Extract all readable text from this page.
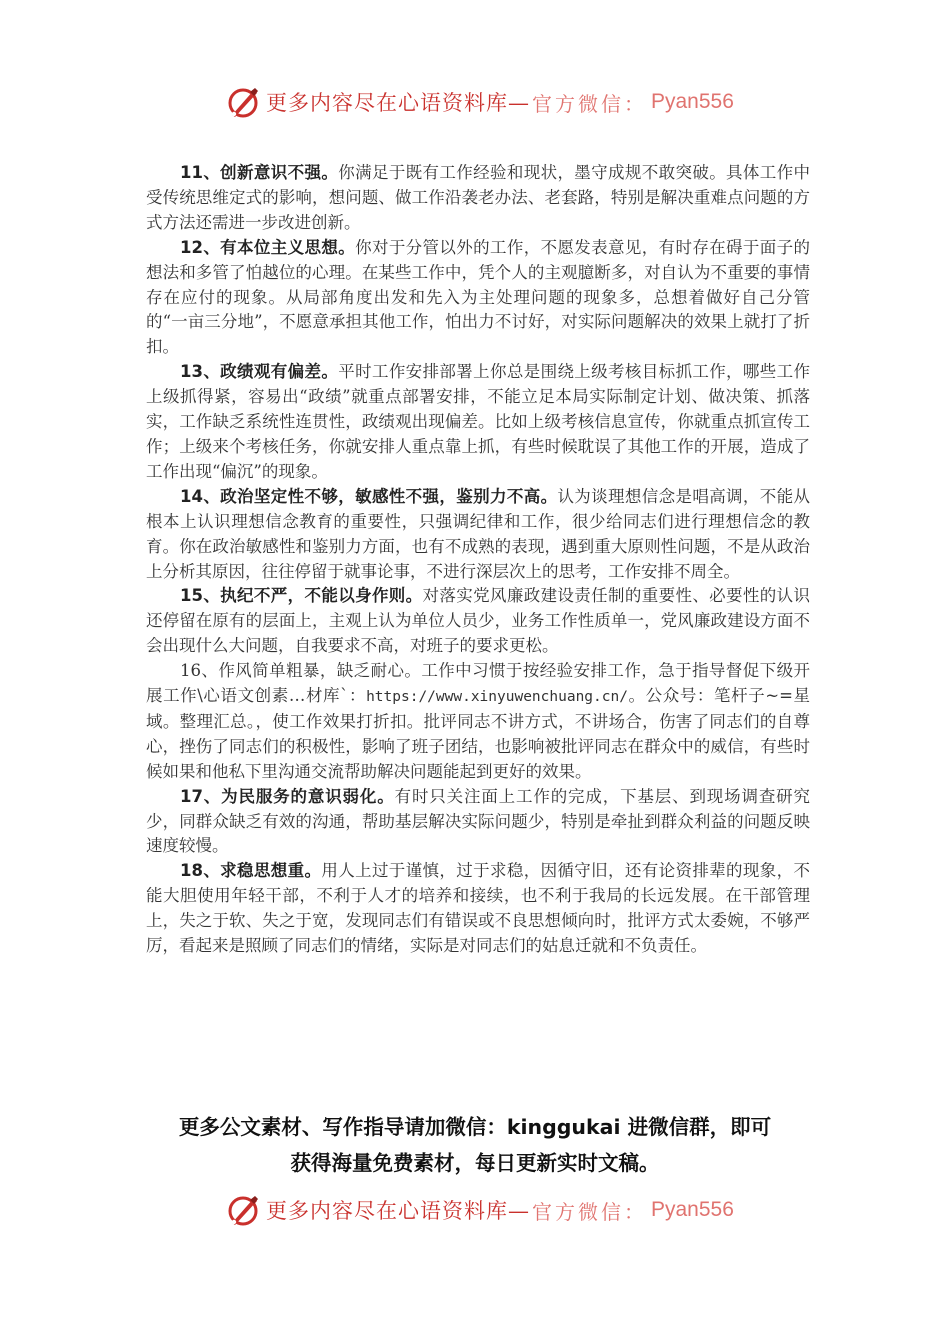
更多内容尽在心语资料库— 官方微信： Pyan556

11、创新意识不强。你满足于既有工作经验和现状，墨守成规不敢突破。具体工作中受传统思维定式的影响，想问题、做工作沿袭老办法、老套路，特别是解决重难点问题的方式方法还需进一步改进创新。

12、有本位主义思想。你对于分管以外的工作，不愿发表意见，有时存在碍于面子的想法和多管了怕越位的心理。在某些工作中，凭个人的主观臆断多，对自认为不重要的事情存在应付的现象。从局部角度出发和先入为主处理问题的现象多，总想着做好自己分管的“一亩三分地”，不愿意承担其他工作，怕出力不讨好，对实际问题解决的效果上就打了折扣。

13、政绩观有偏差。平时工作安排部署上你总是围绕上级考核目标抓工作，哪些工作上级抓得紧，容易出“政绩”就重点部署安排，不能立足本局实际制定计划、做决策、抓落实，工作缺乏系统性连贯性，政绩观出现偏差。比如上级考核信息宣传，你就重点抓宣传工作；上级来个考核任务，你就安排人重点靠上抓，有些时候耽误了其他工作的开展，造成了工作出现“偏沉”的现象。

14、政治坚定性不够，敏感性不强，鉴别力不高。认为谈理想信念是唱高调，不能从根本上认识理想信念教育的重要性，只强调纪律和工作，很少给同志们进行理想信念的教育。你在政治敏感性和鉴别力方面，也有不成熟的表现，遇到重大原则性问题，不是从政治上分析其原因，往往停留于就事论事，不进行深层次上的思考，工作安排不周全。

15、执纪不严，不能以身作则。对落实党风廉政建设责任制的重要性、必要性的认识还停留在原有的层面上，主观上认为单位人员少，业务工作性质单一，党风廉政建设方面不会出现什么大问题，自我要求不高，对班子的要求更松。

16、作风简单粗暴，缺乏耐心。工作中习惯于按经验安排工作，急于指导督促下级开展工作\心语文创素…材库`：https://www.xinyuwenchuang.cn/。公众号：笔杆子~=星域。整理汇总。，使工作效果打折扣。批评同志不讲方式，不讲场合，伤害了同志们的自尊心，挫伤了同志们的积极性，影响了班子团结，也影响被批评同志在群众中的威信，有些时候如果和他私下里沟通交流帮助解决问题能起到更好的效果。

17、为民服务的意识弱化。有时只关注面上工作的完成，下基层、到现场调查研究少，同群众缺乏有效的沟通，帮助基层解决实际问题少，特别是牵扯到群众利益的问题反映速度较慢。

18、求稳思想重。用人上过于谨慎，过于求稳，因循守旧，还有论资排辈的现象，不能大胆使用年轻干部，不利于人才的培养和接续，也不利于我局的长远发展。在干部管理上，失之于软、失之于宽，发现同志们有错误或不良思想倾向时，批评方式太委婉，不够严厉，看起来是照顾了同志们的情绪，实际是对同志们的姑息迁就和不负责任。

更多公文素材、写作指导请加微信：kinggukai 进微信群，即可
获得海量免费素材，每日更新实时文稿。
更多内容尽在心语资料库— 官方微信： Pyan556
